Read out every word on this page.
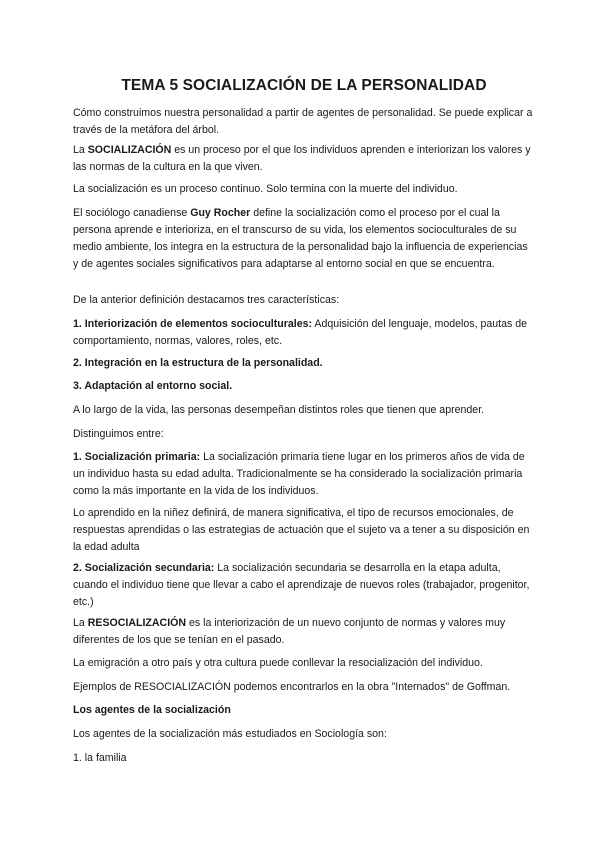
TEMA 5 SOCIALIZACIÓN DE LA PERSONALIDAD
Cómo construimos nuestra personalidad a partir de agentes de personalidad. Se puede explicar a través de la metáfora del árbol.
La SOCIALIZACIÓN es un proceso por el que los individuos aprenden e interiorizan los valores y las normas de la cultura en la que viven.
La socialización es un proceso continuo. Solo termina con la muerte del individuo.
El sociólogo canadiense Guy Rocher define la socialización como el proceso por el cual la persona aprende e interioriza, en el transcurso de su vida, los elementos socioculturales de su medio ambiente, los integra en la estructura de la personalidad bajo la influencia de experiencias y de agentes sociales significativos para adaptarse al entorno social en que se encuentra.
De la anterior definición destacamos tres características:
1. Interiorización de elementos socioculturales: Adquisición del lenguaje, modelos, pautas de comportamiento, normas, valores, roles, etc.
2. Integración en la estructura de la personalidad.
3. Adaptación al entorno social.
A lo largo de la vida, las personas desempeñan distintos roles que tienen que aprender.
Distinguimos entre:
1. Socialización primaria: La socialización primaria tiene lugar en los primeros años de vida de un individuo hasta su edad adulta. Tradicionalmente se ha considerado la socialización primaria como la más importante en la vida de los individuos.
Lo aprendido en la niñez definirá, de manera significativa, el tipo de recursos emocionales, de respuestas aprendidas o las estrategias de actuación que el sujeto va a tener a su disposición en la edad adulta
2. Socialización secundaria: La socialización secundaria se desarrolla en la etapa adulta, cuando el individuo tiene que llevar a cabo el aprendizaje de nuevos roles (trabajador, progenitor, etc.)
La RESOCIALIZACIÓN es la interiorización de un nuevo conjunto de normas y valores muy diferentes de los que se tenían en el pasado.
La emigración a otro país y otra cultura puede conllevar la resocialización del individuo.
Ejemplos de RESOCIALIZACIÓN podemos encontrarlos en la obra "Internados" de Goffman.
Los agentes de la socialización
Los agentes de la socialización más estudiados en Sociología son:
1. la familia
